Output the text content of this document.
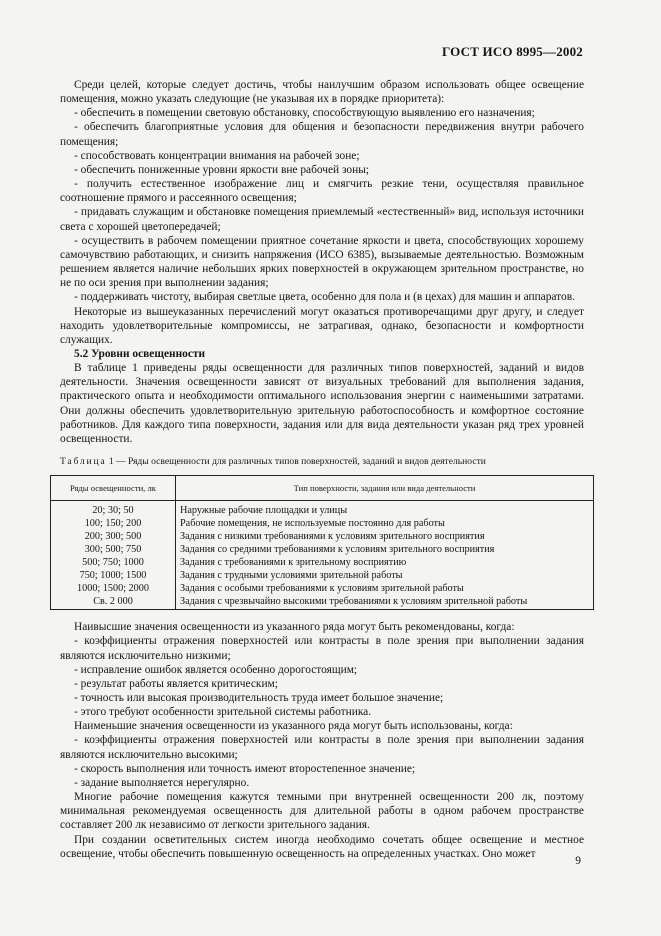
ГОСТ ИСО 8995—2002
Среди целей, которые следует достичь, чтобы наилучшим образом использовать общее освещение помещения, можно указать следующие (не указывая их в порядке приоритета):
- обеспечить в помещении световую обстановку, способствующую выявлению его назначения;
- обеспечить благоприятные условия для общения и безопасности передвижения внутри рабочего помещения;
- способствовать концентрации внимания на рабочей зоне;
- обеспечить пониженные уровни яркости вне рабочей зоны;
- получить естественное изображение лиц и смягчить резкие тени, осуществляя правильное соотношение прямого и рассеянного освещения;
- придавать служащим и обстановке помещения приемлемый «естественный» вид, используя источники света с хорошей цветопередачей;
- осуществить в рабочем помещении приятное сочетание яркости и цвета, способствующих хорошему самочувствию работающих, и снизить напряжения (ИСО 6385), вызываемые деятельностью. Возможным решением является наличие небольших ярких поверхностей в окружающем зрительном пространстве, но не по оси зрения при выполнении задания;
- поддерживать чистоту, выбирая светлые цвета, особенно для пола и (в цехах) для машин и аппаратов.
Некоторые из вышеуказанных перечислений могут оказаться противоречащими друг другу, и следует находить удовлетворительные компромиссы, не затрагивая, однако, безопасности и комфортности служащих.
5.2 Уровни освещенности
В таблице 1 приведены ряды освещенности для различных типов поверхностей, заданий и видов деятельности. Значения освещенности зависят от визуальных требований для выполнения задания, практического опыта и необходимости оптимального использования энергии с наименьшими затратами. Они должны обеспечить удовлетворительную зрительную работоспособность и комфортное состояние работников. Для каждого типа поверхности, задания или для вида деятельности указан ряд трех уровней освещенности.
Таблица 1 — Ряды освещенности для различных типов поверхностей, заданий и видов деятельности
Ряды освещенности, лк	Тип поверхности, задания или вида деятельности
20; 30; 50	Наружные рабочие площадки и улицы
100; 150; 200	Рабочие помещения, не используемые постоянно для работы
200; 300; 500	Задания с низкими требованиями к условиям зрительного восприятия
300; 500; 750	Задания со средними требованиями к условиям зрительного восприятия
500; 750; 1000	Задания с требованиями к зрительному восприятию
750; 1000; 1500	Задания с трудными условиями зрительной работы
1000; 1500; 2000	Задания с особыми требованиями к условиям зрительной работы
Св. 2 000	Задания с чрезвычайно высокими требованиями к условиям зрительной работы
Наивысшие значения освещенности из указанного ряда могут быть рекомендованы, когда:
- коэффициенты отражения поверхностей или контрасты в поле зрения при выполнении задания являются исключительно низкими;
- исправление ошибок является особенно дорогостоящим;
- результат работы является критическим;
- точность или высокая производительность труда имеет большое значение;
- этого требуют особенности зрительной системы работника.
Наименьшие значения освещенности из указанного ряда могут быть использованы, когда:
- коэффициенты отражения поверхностей или контрасты в поле зрения при выполнении задания являются исключительно высокими;
- скорость выполнения или точность имеют второстепенное значение;
- задание выполняется нерегулярно.
Многие рабочие помещения кажутся темными при внутренней освещенности 200 лк, поэтому минимальная рекомендуемая освещенность для длительной работы в одном рабочем пространстве составляет 200 лк независимо от легкости зрительного задания.
При создании осветительных систем иногда необходимо сочетать общее освещение и местное освещение, чтобы обеспечить повышенную освещенность на определенных участках. Оно может
9
